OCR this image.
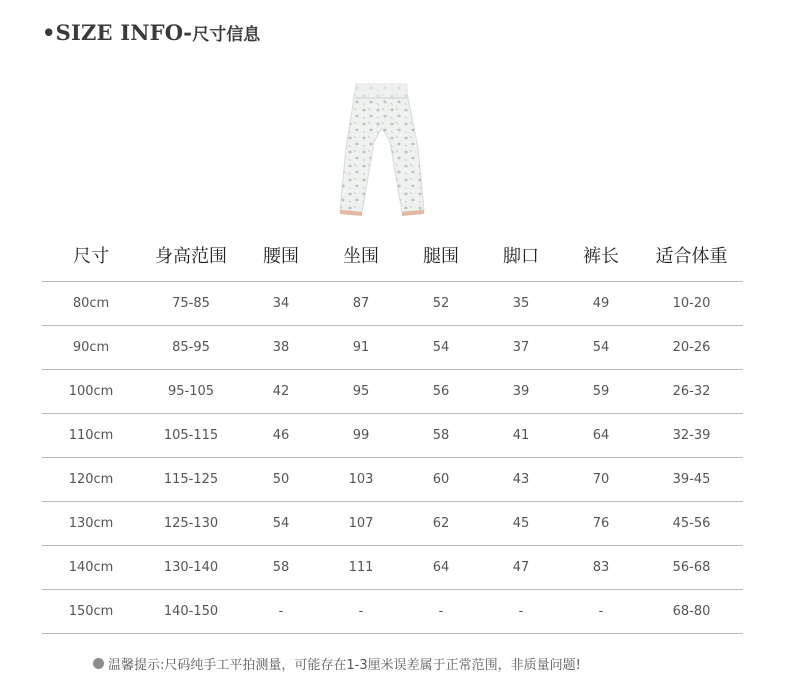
• SIZE INFO - 尺寸信息
尺寸	身高范围	腰围	坐围	腿围	脚口	裤长	适合体重
80cm	75-85	34	87	52	35	49	10-20
90cm	85-95	38	91	54	37	54	20-26
100cm	95-105	42	95	56	39	59	26-32
110cm	105-115	46	99	58	41	64	32-39
120cm	115-125	50	103	60	43	70	39-45
130cm	125-130	54	107	62	45	76	45-56
140cm	130-140	58	111	64	47	83	56-68
150cm	140-150	-	-	-	-	-	68-80
温馨提示:尺码纯手工平拍测量，可能存在1-3厘米误差属于正常范围，非质量问题!
